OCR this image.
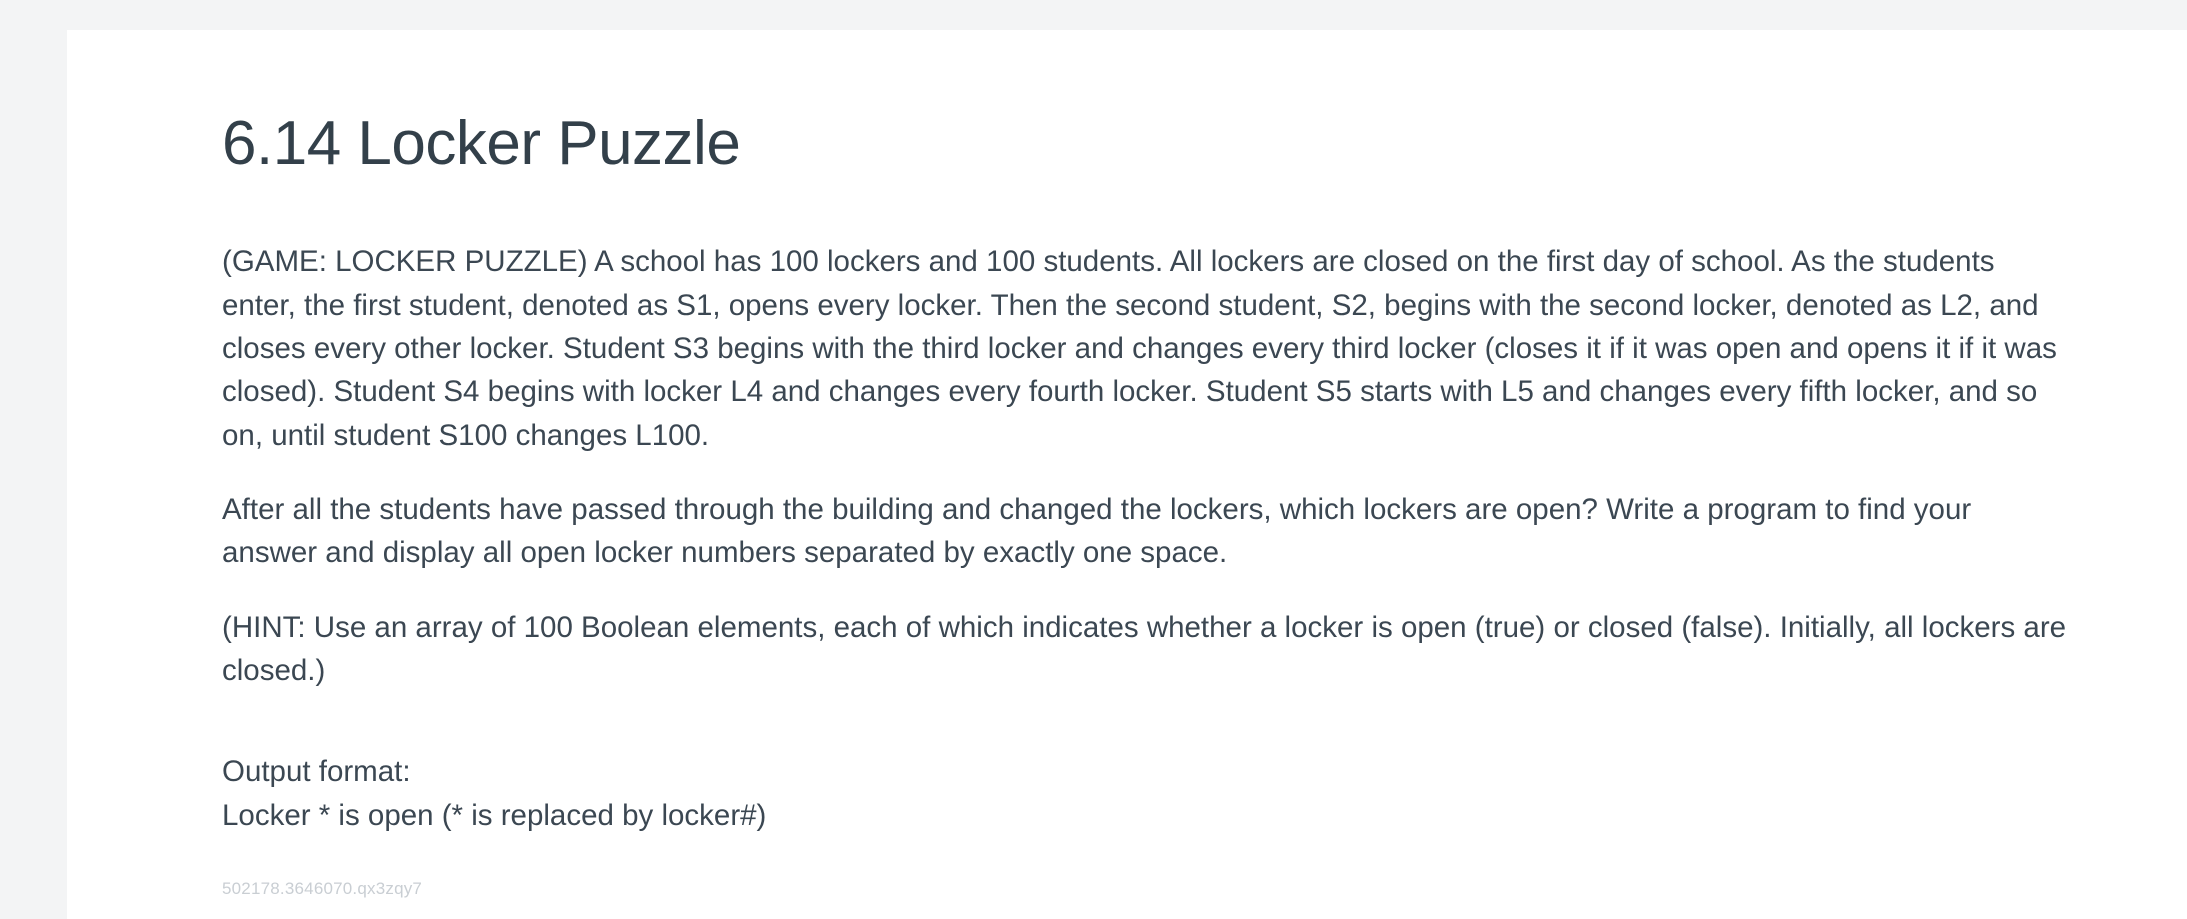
6.14 Locker Puzzle

(GAME: LOCKER PUZZLE) A school has 100 lockers and 100 students. All lockers are closed on the first day of school. As the students enter, the first student, denoted as S1, opens every locker. Then the second student, S2, begins with the second locker, denoted as L2, and closes every other locker. Student S3 begins with the third locker and changes every third locker (closes it if it was open and opens it if it was closed). Student S4 begins with locker L4 and changes every fourth locker. Student S5 starts with L5 and changes every fifth locker, and so on, until student S100 changes L100.

After all the students have passed through the building and changed the lockers, which lockers are open? Write a program to find your answer and display all open locker numbers separated by exactly one space.

(HINT: Use an array of 100 Boolean elements, each of which indicates whether a locker is open (true) or closed (false). Initially, all lockers are closed.)

Output format:
Locker * is open (* is replaced by locker#)
502178.3646070.qx3zqy7
